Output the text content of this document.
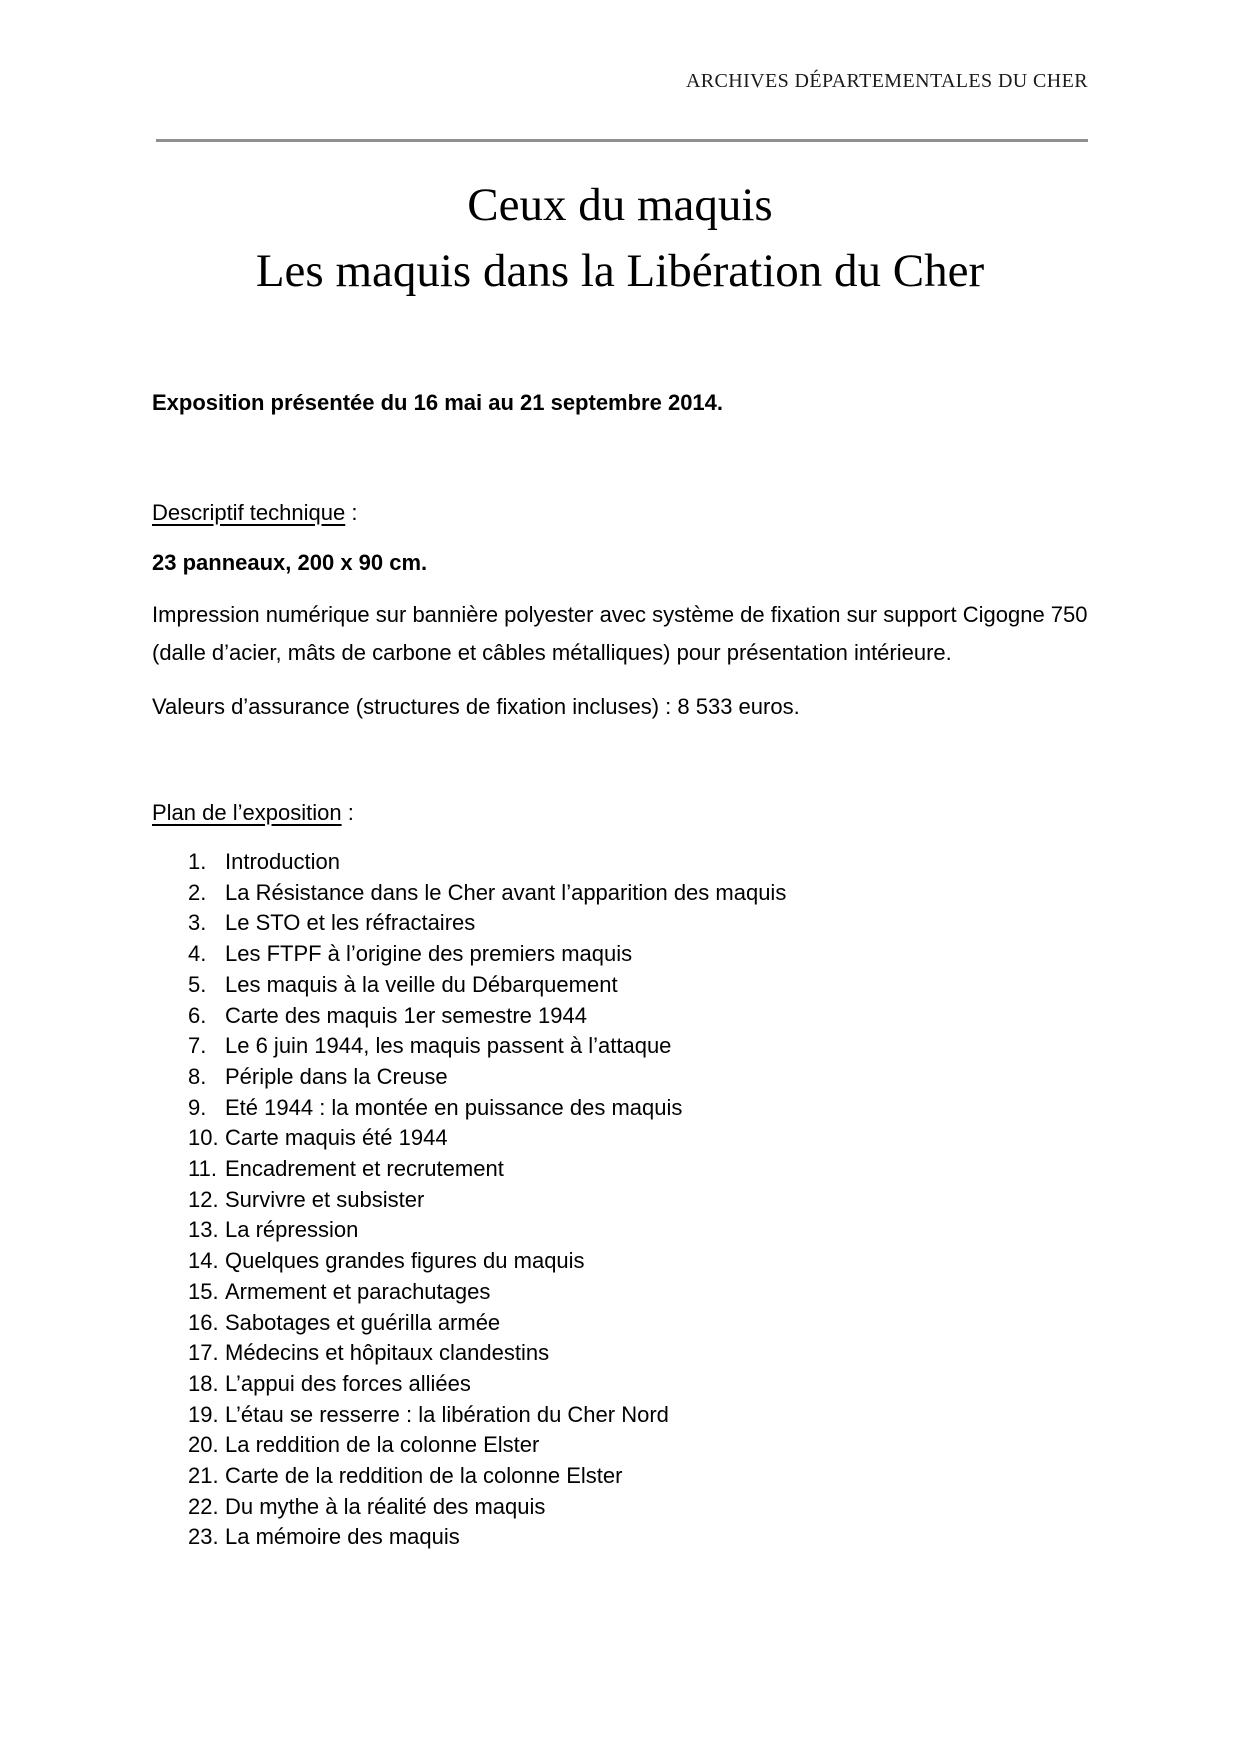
ARCHIVES DÉPARTEMENTALES DU CHER
Ceux du maquis
Les maquis dans la Libération du Cher

Exposition présentée du 16 mai au 21 septembre 2014.

Descriptif technique :

23 panneaux, 200 x 90 cm.

Impression numérique sur bannière polyester avec système de fixation sur support Cigogne 750 (dalle d’acier, mâts de carbone et câbles métalliques) pour présentation intérieure.

Valeurs d’assurance (structures de fixation incluses) : 8 533 euros.

Plan de l’exposition :

1. Introduction
2. La Résistance dans le Cher avant l’apparition des maquis
3. Le STO et les réfractaires
4. Les FTPF à l’origine des premiers maquis
5. Les maquis à la veille du Débarquement
6. Carte des maquis 1er semestre 1944
7. Le 6 juin 1944, les maquis passent à l’attaque
8. Périple dans la Creuse
9. Eté 1944 : la montée en puissance des maquis
10. Carte maquis été 1944
11. Encadrement et recrutement
12. Survivre et subsister
13. La répression
14. Quelques grandes figures du maquis
15. Armement et parachutages
16. Sabotages et guérilla armée
17. Médecins et hôpitaux clandestins
18. L’appui des forces alliées
19. L’étau se resserre : la libération du Cher Nord
20. La reddition de la colonne Elster
21. Carte de la reddition de la colonne Elster
22. Du mythe à la réalité des maquis
23. La mémoire des maquis
